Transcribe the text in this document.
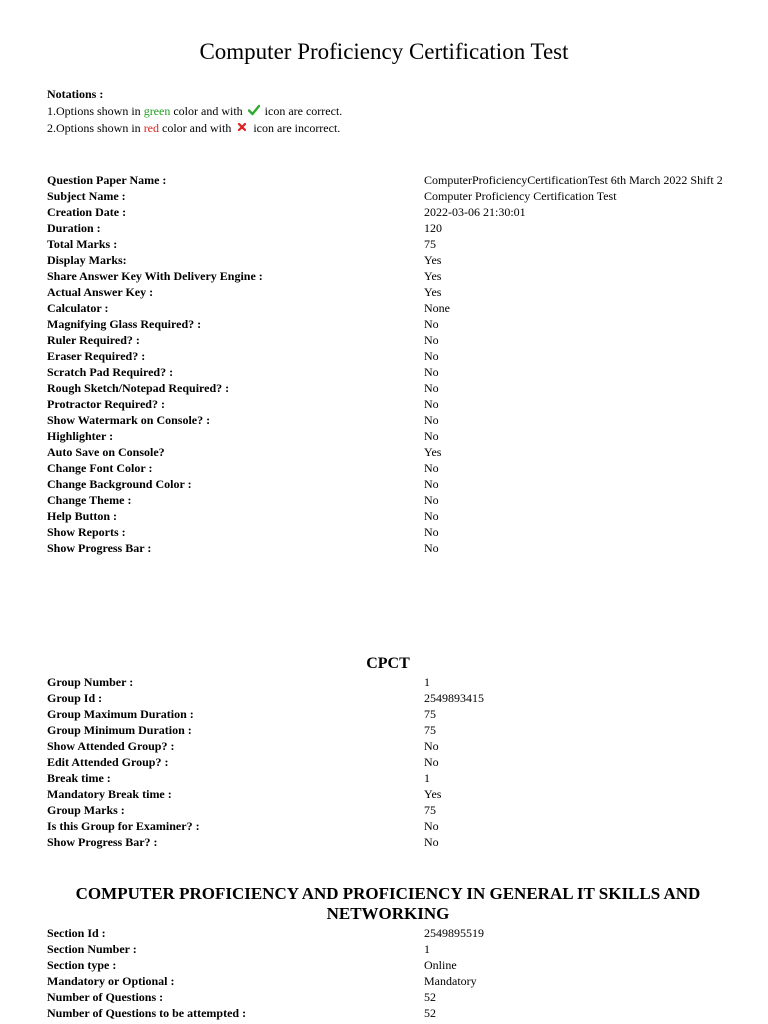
Computer Proficiency Certification Test
Notations :
1.Options shown in green color and with  icon are correct.
2.Options shown in red color and with  icon are incorrect.
Question Paper Name :	ComputerProficiencyCertificationTest 6th March 2022 Shift 2
Subject Name :	Computer Proficiency Certification Test
Creation Date :	2022-03-06 21:30:01
Duration :	120
Total Marks :	75
Display Marks:	Yes
Share Answer Key With Delivery Engine :	Yes
Actual Answer Key :	Yes
Calculator :	None
Magnifying Glass Required? :	No
Ruler Required? :	No
Eraser Required? :	No
Scratch Pad Required? :	No
Rough Sketch/Notepad Required? :	No
Protractor Required? :	No
Show Watermark on Console? :	No
Highlighter :	No
Auto Save on Console?	Yes
Change Font Color :	No
Change Background Color :	No
Change Theme :	No
Help Button :	No
Show Reports :	No
Show Progress Bar :	No
CPCT
Group Number :	1
Group Id :	2549893415
Group Maximum Duration :	75
Group Minimum Duration :	75
Show Attended Group? :	No
Edit Attended Group? :	No
Break time :	1
Mandatory Break time :	Yes
Group Marks :	75
Is this Group for Examiner? :	No
Show Progress Bar? :	No
COMPUTER PROFICIENCY AND PROFICIENCY IN GENERAL IT SKILLS AND
NETWORKING
Section Id :	2549895519
Section Number :	1
Section type :	Online
Mandatory or Optional :	Mandatory
Number of Questions :	52
Number of Questions to be attempted :	52
